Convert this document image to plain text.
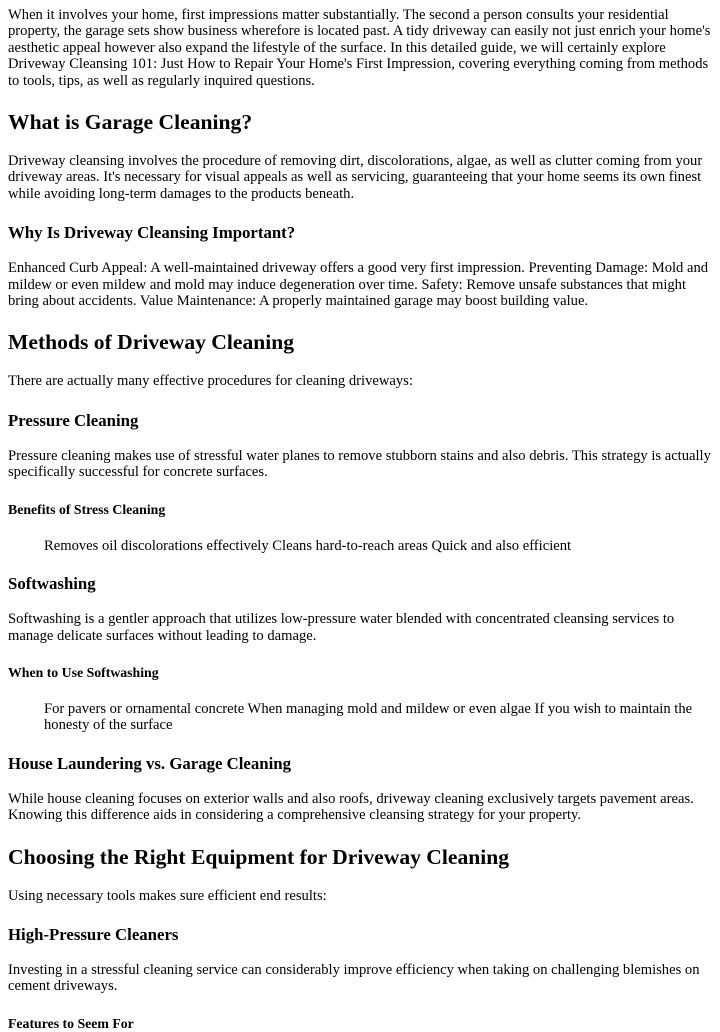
When it involves your home, first impressions matter substantially. The second a person consults your residential property, the garage sets show business wherefore is located past. A tidy driveway can easily not just enrich your home's aesthetic appeal however also expand the lifestyle of the surface. In this detailed guide, we will certainly explore Driveway Cleansing 101: Just How to Repair Your Home's First Impression, covering everything coming from methods to tools, tips, as well as regularly inquired questions.

What is Garage Cleaning?

Driveway cleansing involves the procedure of removing dirt, discolorations, algae, as well as clutter coming from your driveway areas. It's necessary for visual appeals as well as servicing, guaranteeing that your home seems its own finest while avoiding long-term damages to the products beneath.

Why Is Driveway Cleansing Important?

Enhanced Curb Appeal: A well-maintained driveway offers a good very first impression. Preventing Damage: Mold and mildew or even mildew and mold may induce degeneration over time. Safety: Remove unsafe substances that might bring about accidents. Value Maintenance: A properly maintained garage may boost building value.

Methods of Driveway Cleaning

There are actually many effective procedures for cleaning driveways:

Pressure Cleaning

Pressure cleaning makes use of stressful water planes to remove stubborn stains and also debris. This strategy is actually specifically successful for concrete surfaces.

Benefits of Stress Cleaning

Removes oil discolorations effectively Cleans hard-to-reach areas Quick and also efficient

Softwashing

Softwashing is a gentler approach that utilizes low-pressure water blended with concentrated cleansing services to manage delicate surfaces without leading to damage.

When to Use Softwashing

For pavers or ornamental concrete When managing mold and mildew or even algae If you wish to maintain the honesty of the surface

House Laundering vs. Garage Cleaning

While house cleaning focuses on exterior walls and also roofs, driveway cleaning exclusively targets pavement areas. Knowing this difference aids in considering a comprehensive cleansing strategy for your property.

Choosing the Right Equipment for Driveway Cleaning

Using necessary tools makes sure efficient end results:

High-Pressure Cleaners

Investing in a stressful cleaning service can considerably improve efficiency when taking on challenging blemishes on cement driveways.

Features to Seem For
